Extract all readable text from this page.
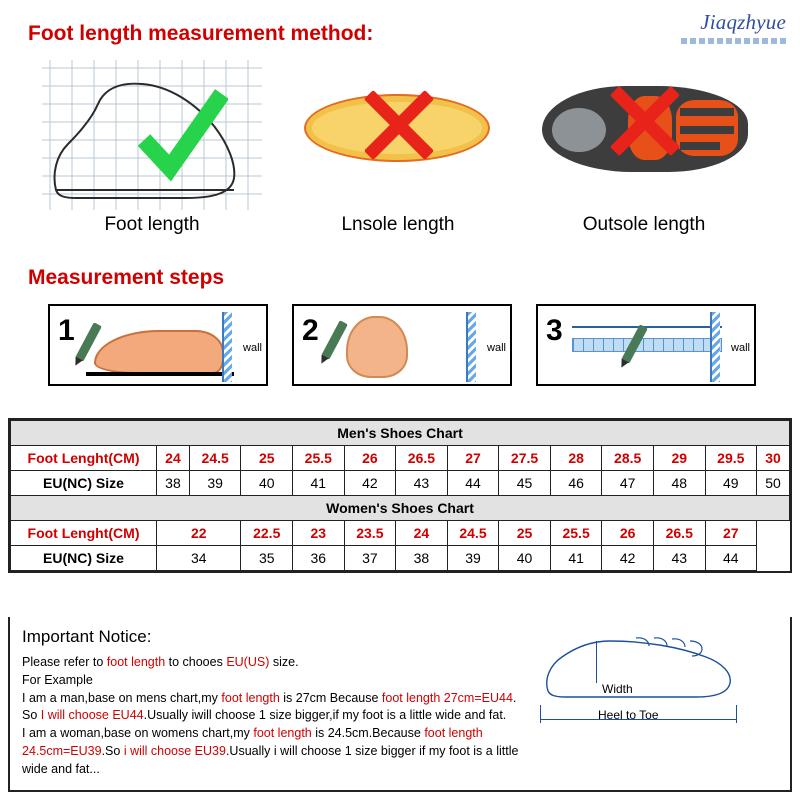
Jiaqzhyue
Foot length measurement method:
Measurement steps
Foot length	Lnsole length	Outsole length
1
wall
2
wall
3
wall
Men's Shoes Chart													
Foot Lenght(CM)	24	24.5	25	25.5	26	26.5	27	27.5	28	28.5	29	29.5	30
EU(NC) Size	38	39	40	41	42	43	44	45	46	47	48	49	50
Women's Shoes Chart													
Foot Lenght(CM)	22		22.5	23	23.5	24	24.5	25	25.5	26	26.5	27	
EU(NC) Size	34		35	36	37	38	39	40	41	42	43	44	
Important Notice:

Please refer to foot length to chooes EU(US) size.

For Example

I am a man,base on mens chart,my foot length is 27cm Because foot length 27cm=EU44.

So I will choose EU44.Usually iwill choose 1 size bigger,if my foot is a little wide and fat.

I am a woman,base on womens chart,my foot length is 24.5cm.Because foot length

24.5cm=EU39.So i will choose EU39.Usually i will choose 1 size bigger if my foot is a little

wide and fat...

Width
Heel to Toe
